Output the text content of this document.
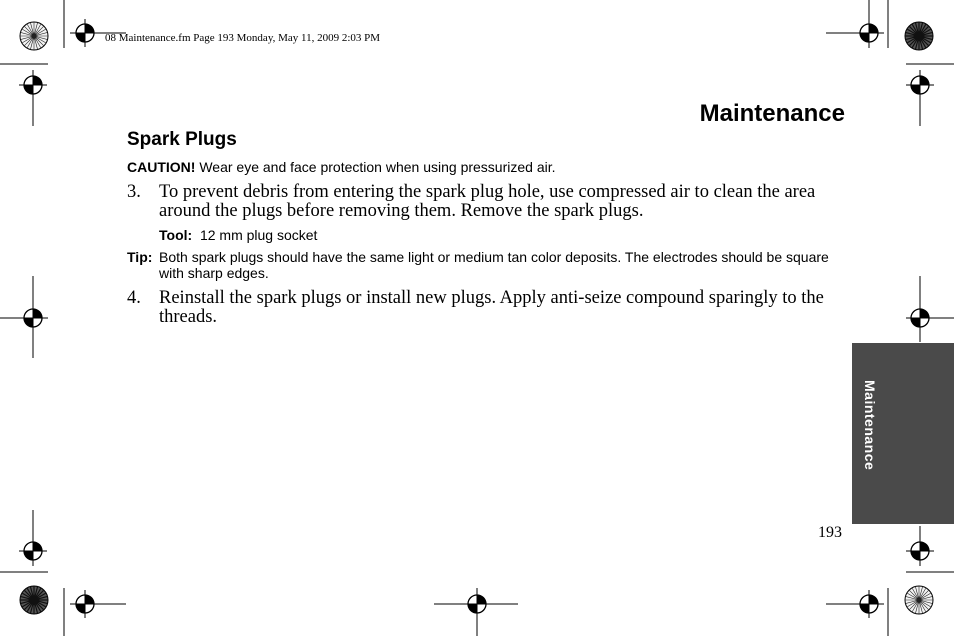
08 Maintenance.fm Page 193 Monday, May 11, 2009 2:03 PM
Maintenance
Spark Plugs
CAUTION! Wear eye and face protection when using pressurized air.
3. To prevent debris from entering the spark plug hole, use compressed air to clean the area around the plugs before removing them. Remove the spark plugs.
Tool:  12 mm plug socket
Tip: Both spark plugs should have the same light or medium tan color deposits. The electrodes should be square with sharp edges.
4. Reinstall the spark plugs or install new plugs. Apply anti-seize compound sparingly to the threads.
Maintenance
193
